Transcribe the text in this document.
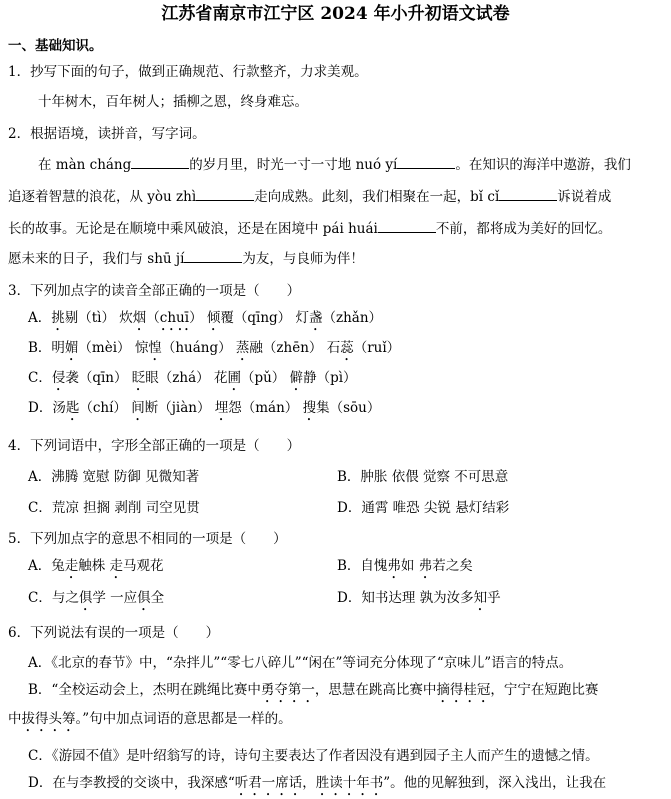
江苏省南京市江宁区 2024 年小升初语文试卷
一、基础知识。
1．抄写下面的句子，做到正确规范、行款整齐，力求美观。
十年树木，百年树人；插柳之恩，终身难忘。
2．根据语境，读拼音，写字词。
在 màn cháng	的岁月里，时光一寸一寸地 nuó yí	。在知识的海洋中遨游，我们
追逐着智慧的浪花，从 yòu zhì	走向成熟。此刻，我们相聚在一起，bǐ cǐ	诉说着成
长的故事。无论是在顺境中乘风破浪，还是在困境中 pái huái	不前，都将成为美好的回忆。
愿未来的日子，我们与 shū jí	为友，与良师为伴！
3．下列加点字的读音全部正确的一项是（　　）
A．挑剔（tì） 炊烟（chuī） 倾覆（qīng） 灯盏（zhǎn）
B．明媚（mèi） 惊惶（huáng） 蒸融（zhēn） 石蕊（ruǐ）
C．侵袭（qīn） 眨眼（zhá） 花圃（pǔ） 僻静（pì）
D．汤匙（chí） 间断（jiàn） 埋怨（mán） 搜集（sōu）
4．下列词语中，字形全部正确的一项是（　　）
A．沸腾 宽慰 防御 见微知著	B．肿胀 依偎 觉察 不可思意
C．荒凉 担搁 剥削 司空见贯	D．通霄 唯恐 尖锐 悬灯结彩
5．下列加点字的意思不相同的一项是（　　）
A．兔走触株 走马观花	B．自愧弗如 弗若之矣
C．与之俱学 一应俱全	D．知书达理 孰为汝多知乎
6．下列说法有误的一项是（　　）
A．《北京的春节》中，“杂拌儿”“零七八碎儿”“闲在”等词充分体现了“京味儿”语言的特点。
B．“全校运动会上，杰明在跳绳比赛中勇夺第一，思慧在跳高比赛中摘得桂冠，宁宁在短跑比赛
中拔得头筹。”句中加点词语的意思都是一样的。
C．《游园不值》是叶绍翁写的诗，诗句主要表达了作者因没有遇到园子主人而产生的遗憾之情。
D．在与李教授的交谈中，我深感“听君一席话，胜读十年书”。他的见解独到，深入浅出，让我在
